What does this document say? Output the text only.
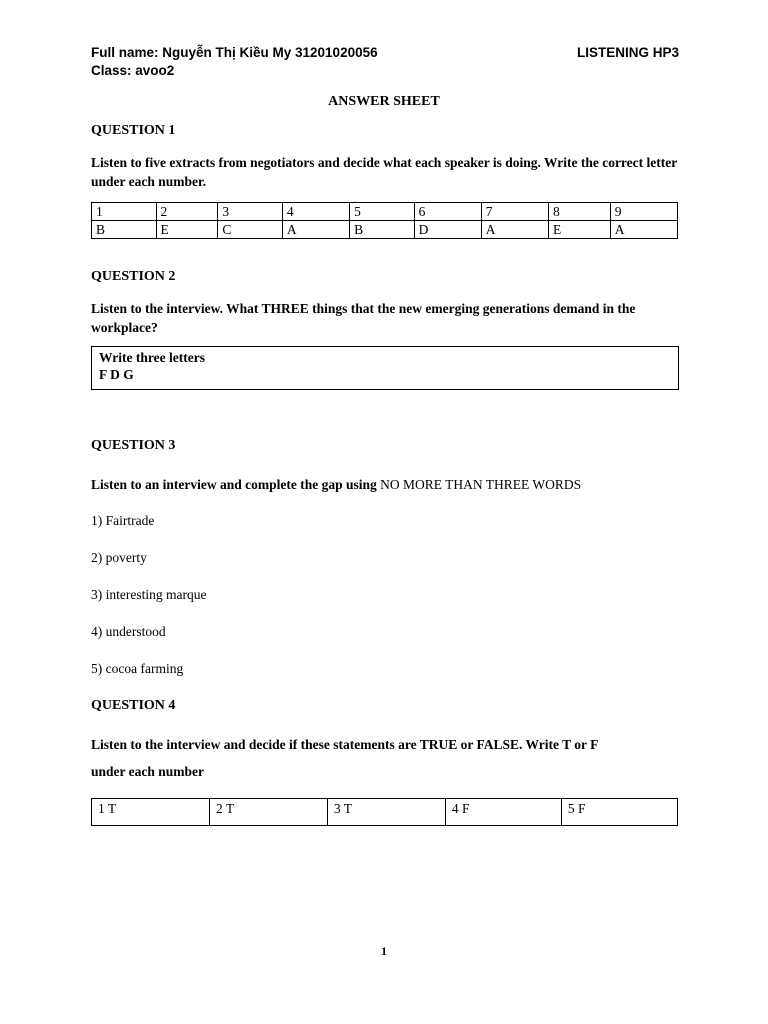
Full name: Nguyễn Thị Kiều My 31201020056	LISTENING HP3
Class: avoo2
ANSWER SHEET
QUESTION 1
Listen to five extracts from negotiators and decide what each speaker is doing. Write the correct letter under each number.
1	2	3	4	5	6	7	8	9
B	E	C	A	B	D	A	E	A
QUESTION 2
Listen to the interview. What THREE things that the new emerging generations demand in the workplace?
Write three letters
F D G
QUESTION 3
Listen to an interview and complete the gap using NO MORE THAN THREE WORDS
1) Fairtrade
2) poverty
3) interesting marque
4) understood
5) cocoa farming
QUESTION 4
Listen to the interview and decide if these statements are TRUE or FALSE. Write T or F
under each number
1 T	2 T	3 T	4 F	5 F
1
